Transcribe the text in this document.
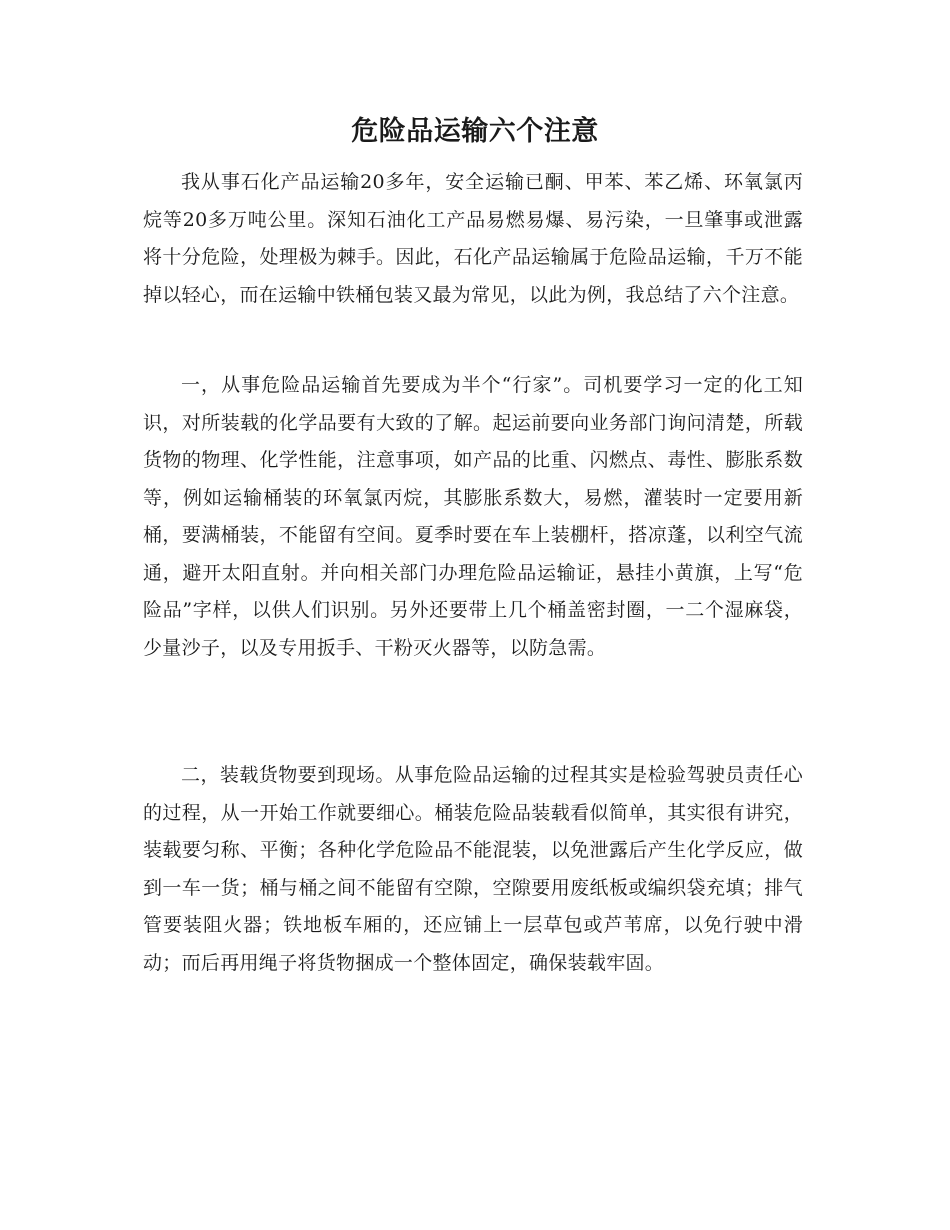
危险品运输六个注意

我从事石化产品运输20多年，安全运输已酮、甲苯、苯乙烯、环氧氯丙烷等20多万吨公里。深知石油化工产品易燃易爆、易污染，一旦肇事或泄露将十分危险，处理极为棘手。因此，石化产品运输属于危险品运输，千万不能掉以轻心，而在运输中铁桶包装又最为常见，以此为例，我总结了六个注意。

一，从事危险品运输首先要成为半个“行家”。司机要学习一定的化工知识，对所装载的化学品要有大致的了解。起运前要向业务部门询问清楚，所载货物的物理、化学性能，注意事项，如产品的比重、闪燃点、毒性、膨胀系数等，例如运输桶装的环氧氯丙烷，其膨胀系数大，易燃，灌装时一定要用新桶，要满桶装，不能留有空间。夏季时要在车上装棚杆，搭凉蓬，以利空气流通，避开太阳直射。并向相关部门办理危险品运输证，悬挂小黄旗，上写“危险品”字样，以供人们识别。另外还要带上几个桶盖密封圈，一二个湿麻袋，少量沙子，以及专用扳手、干粉灭火器等，以防急需。

二，装载货物要到现场。从事危险品运输的过程其实是检验驾驶员责任心的过程，从一开始工作就要细心。桶装危险品装载看似简单，其实很有讲究，装载要匀称、平衡；各种化学危险品不能混装，以免泄露后产生化学反应，做到一车一货；桶与桶之间不能留有空隙，空隙要用废纸板或编织袋充填；排气管要装阻火器；铁地板车厢的，还应铺上一层草包或芦苇席，以免行驶中滑动；而后再用绳子将货物捆成一个整体固定，确保装载牢固。
